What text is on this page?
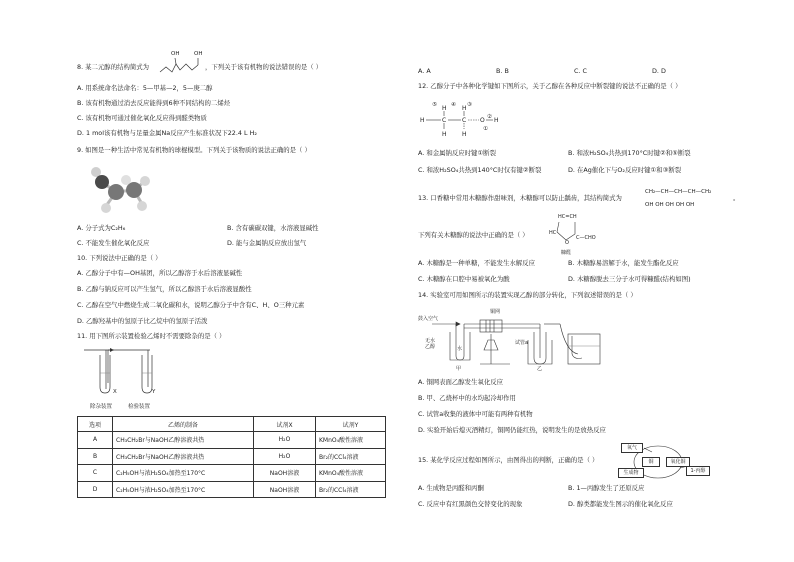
8. 某二元醇的结构简式为
OH	OH
，下列关于该有机物的说法错误的是（ ）
A. 用系统命名法命名：5—甲基—2，5—庚二醇
B. 该有机物通过消去反应能得到6种不同结构的二烯烃
C. 该有机物可通过催化氧化反应得到醛类物质
D. 1 mol该有机物与足量金属Na反应产生标准状况下22.4 L H₂
9. 如图是一种生活中常见有机物的球棍模型。下列关于该物质的说法正确的是（ ）
A. 分子式为C₂H₆	B. 含有碳碳双键，水溶液显碱性
C. 不能发生催化氧化反应	D. 能与金属钠反应放出氢气
10. 下列说法中正确的是（ ）
A. 乙醇分子中有—OH基团，所以乙醇溶于水后溶液显碱性
B. 乙醇与钠反应可以产生氢气，所以乙醇溶于水后溶液显酸性
C. 乙醇在空气中燃烧生成二氧化碳和水，说明乙醇分子中含有C、H、O三种元素
D. 乙醇羟基中的氢原子比乙烷中的氢原子活泼
11. 用下图所示装置检验乙烯时不需要除杂的是（ ）
X	Y
除杂装置	检验装置
选项	乙烯的制备	试剂X	试剂Y
A	CH₃CH₂Br与NaOH乙醇溶液共热	H₂O	KMnO₄酸性溶液
B	CH₃CH₂Br与NaOH乙醇溶液共热	H₂O	Br₂的CCl₄溶液
C	C₂H₅OH与浓H₂SO₄加热至170°C	NaOH溶液	KMnO₄酸性溶液
D	C₂H₅OH与浓H₂SO₄加热至170°C	NaOH溶液	Br₂的CCl₄溶液
A. A	B. B	C. C	D. D
12. 乙醇分子中各种化学键如下图所示，关于乙醇在各种反应中断裂键的说法不正确的是（ ）
⑤	④ ③
②
①
H	C	C O H
H	H
H	H
A. 和金属钠反应时键①断裂	B. 和浓H₂SO₄共热到170°C时键②和⑤断裂
C. 和浓H₂SO₄共热到140°C时仅有键②断裂	D. 在Ag催化下与O₂反应时键①和③断裂
13. 口香糖中常用木糖醇作甜味剂，木糖醇可以防止龋齿，其结构简式为
CH₂—CH—CH—CH—CH₂
OH OH OH OH OH
。
HC=CH
HC
C—CHO
O
糠醛
下列有关木糖醇的说法中正确的是（ ）
A. 木糖醇是一种单糖，不能发生水解反应	B. 木糖醇易溶解于水，能发生酯化反应
C. 木糖醇在口腔中易被氧化为酸	D. 木糖醇脱去三分子水可得糠醛(结构如图)
14. 实验室可用如图所示的装置实现乙醇的部分转化，下列叙述错误的是（ ）
鼓入空气
铜网
无水乙醇	水
试管a
甲	乙
A. 铜网表面乙醇发生氧化反应
B. 甲、乙烧杯中的水均起冷却作用
C. 试管a收集的液体中可能有两种有机物
D. 实验开始后熄灭酒精灯，铜网仍能红热，说明发生的是放热反应
15. 某化学反应过程如图所示，由图得出的判断，正确的是（ ）
氧气
铜	氧化铜
生成物	1-丙醇
A. 生成物是丙醛和丙酮	B. 1—丙醇发生了还原反应
C. 反应中有红黑颜色交替变化的现象	D. 醇类都能发生图示的催化氧化反应
